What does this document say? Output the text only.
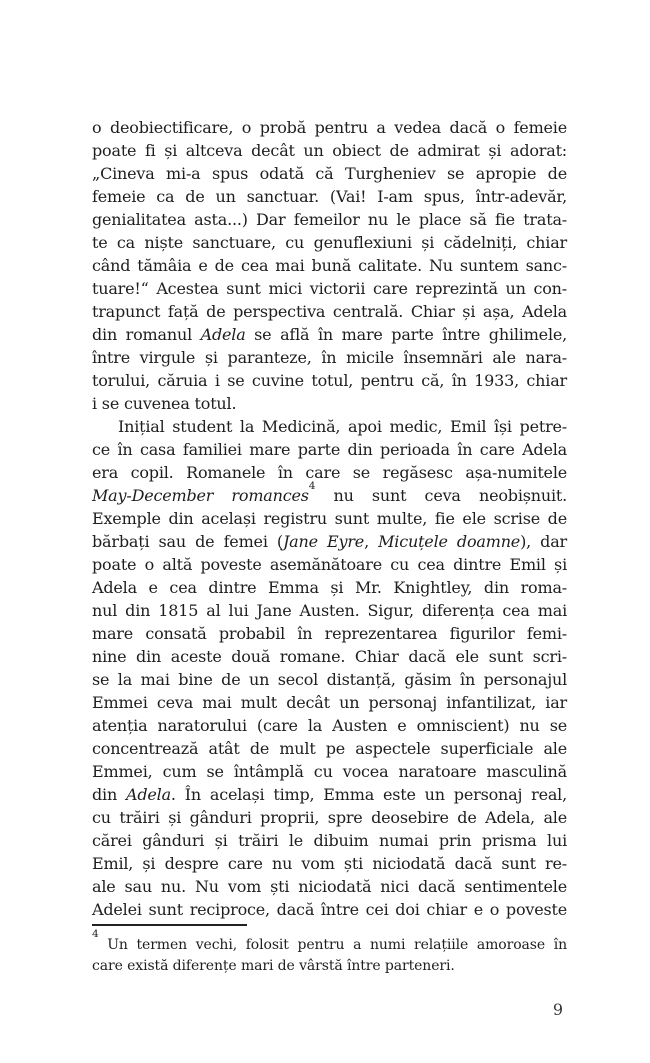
o deobiectificare, o probă pentru a vedea dacă o femeie
poate fi și altceva decât un obiect de admirat și adorat:
„Cineva mi-a spus odată că Turgheniev se apropie de
femeie ca de un sanctuar. (Vai! I-am spus, într-adevăr,
genialitatea asta...) Dar femeilor nu le place să fie trata-
te ca niște sanctuare, cu genuflexiuni și cădelniți, chiar
când tămâia e de cea mai bună calitate. Nu suntem sanc-
tuare!“ Acestea sunt mici victorii care reprezintă un con-
trapunct față de perspectiva centrală. Chiar și așa, Adela
din romanul Adela se află în mare parte între ghilimele,
între virgule și paranteze, în micile însemnări ale nara-
torului, căruia i se cuvine totul, pentru că, în 1933, chiar
i se cuvenea totul.
Inițial student la Medicină, apoi medic, Emil își petre-
ce în casa familiei mare parte din perioada în care Adela
era copil. Romanele în care se regăsesc așa-numitele
May-December romances$^4$ nu sunt ceva neobișnuit.
Exemple din același registru sunt multe, fie ele scrise de
bărbați sau de femei (Jane Eyre, Micuțele doamne), dar
poate o altă poveste asemănătoare cu cea dintre Emil și
Adela e cea dintre Emma și Mr. Knightley, din roma-
nul din 1815 al lui Jane Austen. Sigur, diferența cea mai
mare consată probabil în reprezentarea figurilor femi-
nine din aceste două romane. Chiar dacă ele sunt scri-
se la mai bine de un secol distanță, găsim în personajul
Emmei ceva mai mult decât un personaj infantilizat, iar
atenția naratorului (care la Austen e omniscient) nu se
concentrează atât de mult pe aspectele superficiale ale
Emmei, cum se întâmplă cu vocea naratoare masculină
din Adela. În același timp, Emma este un personaj real,
cu trăiri și gânduri proprii, spre deosebire de Adela, ale
cărei gânduri și trăiri le dibuim numai prin prisma lui
Emil, și despre care nu vom ști niciodată dacă sunt re-
ale sau nu. Nu vom ști niciodată nici dacă sentimentele
Adelei sunt reciproce, dacă între cei doi chiar e o poveste
$^4$ Un termen vechi, folosit pentru a numi relațiile amoroase în
care există diferențe mari de vârstă între parteneri.
9
